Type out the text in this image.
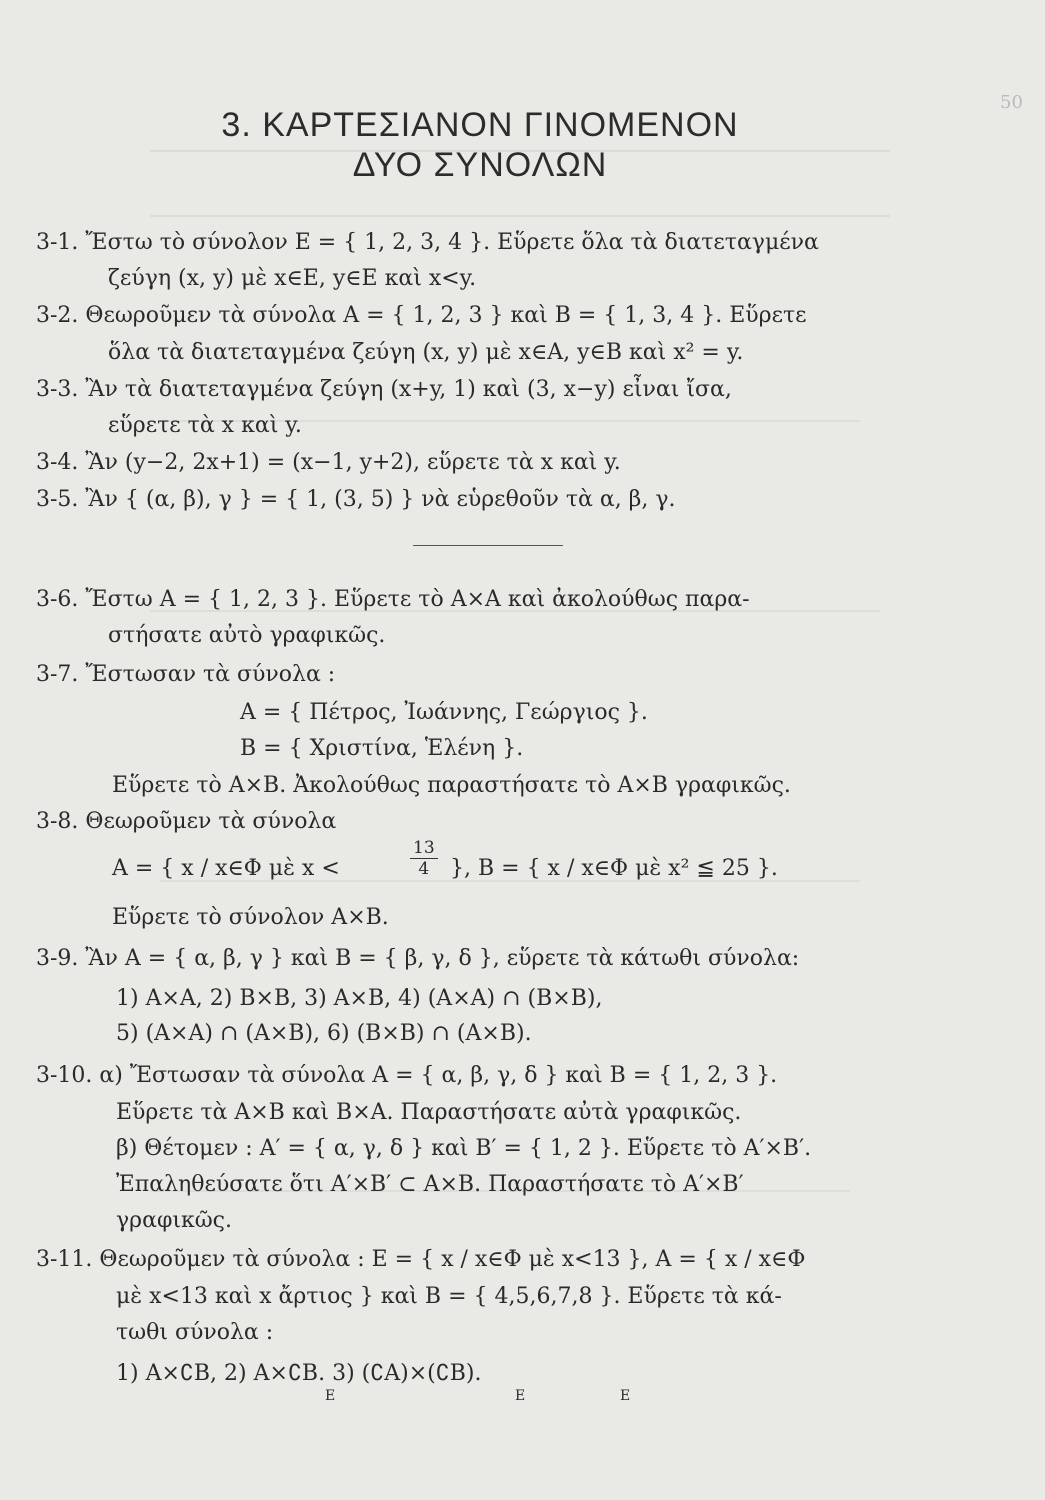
50
3. ΚΑΡΤΕΣΙΑΝΟΝ ΓΙΝΟΜΕΝΟΝ
ΔΥΟ ΣΥΝΟΛΩΝ
3-1. Ἔστω τὸ σύνολον Ε = { 1, 2, 3, 4 }. Εὕρετε ὅλα τὰ διατεταγμένα
ζεύγη (x, y) μὲ x∈Ε, y∈Ε καὶ x<y.
3-2. Θεωροῦμεν τὰ σύνολα Α = { 1, 2, 3 } καὶ Β = { 1, 3, 4 }. Εὕρετε
ὅλα τὰ διατεταγμένα ζεύγη (x, y) μὲ x∈Α, y∈Β καὶ x² = y.
3-3. Ἂν τὰ διατεταγμένα ζεύγη (x+y, 1) καὶ (3, x−y) εἶναι ἴσα,
εὕρετε τὰ x καὶ y.
3-4. Ἂν (y−2, 2x+1) = (x−1, y+2), εὕρετε τὰ x καὶ y.
3-5. Ἂν { (α, β), γ } = { 1, (3, 5) } νὰ εὑρεθοῦν τὰ α, β, γ.
3-6. Ἔστω Α = { 1, 2, 3 }. Εὕρετε τὸ Α×Α καὶ ἀκολούθως παρα-
στήσατε αὐτὸ γραφικῶς.
3-7. Ἔστωσαν τὰ σύνολα :
Α = { Πέτρος, Ἰωάννης, Γεώργιος }.
Β = { Χριστίνα, Ἑλένη }.
Εὕρετε τὸ Α×Β. Ἀκολούθως παραστήσατε τὸ Α×Β γραφικῶς.
3-8. Θεωροῦμεν τὰ σύνολα
Α = { x / x∈Φ μὲ x <	$\frac{13}{4}$ }, Β = { x / x∈Φ μὲ x² ≦ 25 }.
Εὕρετε τὸ σύνολον Α×Β.
3-9. Ἂν Α = { α, β, γ } καὶ Β = { β, γ, δ }, εὕρετε τὰ κάτωθι σύνολα:
1) Α×Α, 2) Β×Β, 3) Α×Β, 4) (Α×Α) ∩ (Β×Β),
5) (Α×Α) ∩ (Α×Β), 6) (Β×Β) ∩ (Α×Β).
3-10. α) Ἔστωσαν τὰ σύνολα Α = { α, β, γ, δ } καὶ Β = { 1, 2, 3 }.
Εὕρετε τὰ Α×Β καὶ Β×Α. Παραστήσατε αὐτὰ γραφικῶς.
β) Θέτομεν : Α′ = { α, γ, δ } καὶ Β′ = { 1, 2 }. Εὕρετε τὸ Α′×Β′.
Ἐπαληθεύσατε ὅτι Α′×Β′ ⊂ Α×Β. Παραστήσατε τὸ Α′×Β′
γραφικῶς.
3-11. Θεωροῦμεν τὰ σύνολα : Ε = { x / x∈Φ μὲ x<13 }, Α = { x / x∈Φ
μὲ x<13 καὶ x ἄρτιος } καὶ Β = { 4,5,6,7,8 }. Εὕρετε τὰ κά-
τωθι σύνολα :
1) Α×∁Β, 2) Α×∁Β. 3) (∁Α)×(∁Β).
Ε	Ε	Ε
